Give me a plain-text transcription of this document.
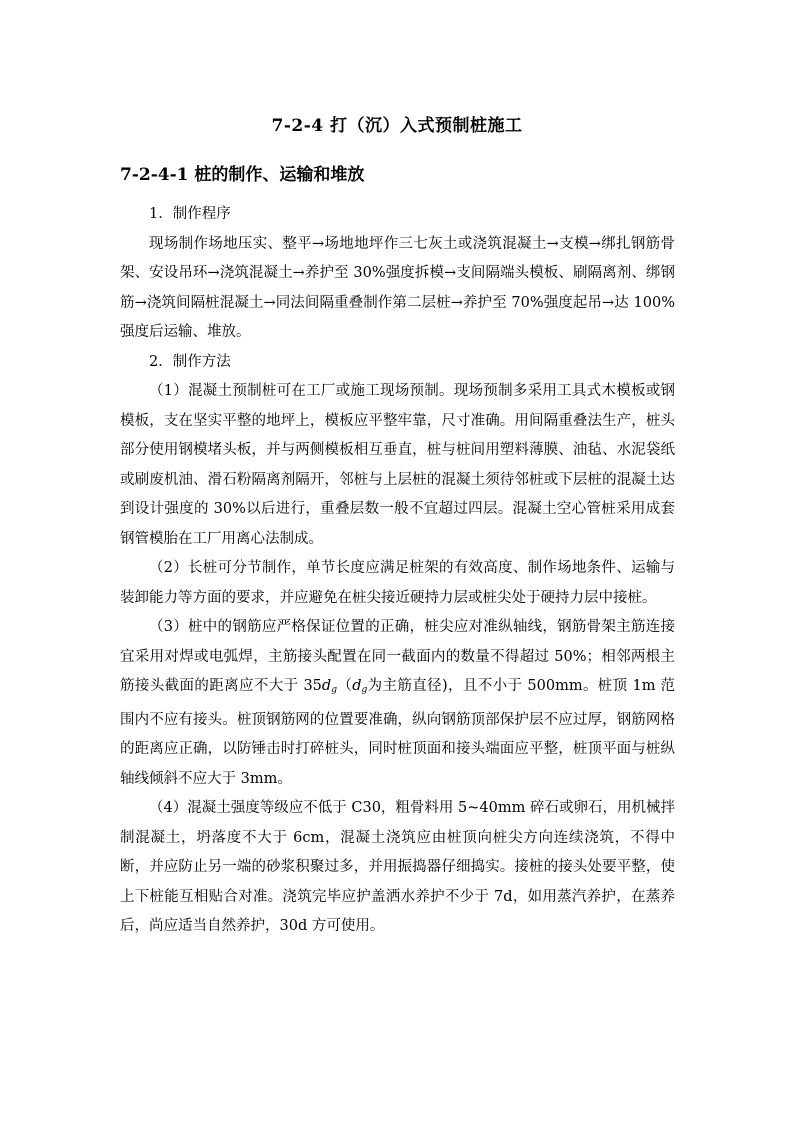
7-2-4 打（沉）入式预制桩施工
7-2-4-1 桩的制作、运输和堆放

1．制作程序

现场制作场地压实、整平→场地地坪作三七灰土或浇筑混凝土→支模→绑扎钢筋骨架、安设吊环→浇筑混凝土→养护至 30%强度拆模→支间隔端头模板、刷隔离剂、绑钢筋→浇筑间隔桩混凝土→同法间隔重叠制作第二层桩→养护至 70%强度起吊→达 100%强度后运输、堆放。

2．制作方法

（1）混凝土预制桩可在工厂或施工现场预制。现场预制多采用工具式木模板或钢模板，支在坚实平整的地坪上，模板应平整牢靠，尺寸准确。用间隔重叠法生产，桩头部分使用钢模堵头板，并与两侧模板相互垂直，桩与桩间用塑料薄膜、油毡、水泥袋纸或刷废机油、滑石粉隔离剂隔开，邻桩与上层桩的混凝土须待邻桩或下层桩的混凝土达到设计强度的 30%以后进行，重叠层数一般不宜超过四层。混凝土空心管桩采用成套钢管模胎在工厂用离心法制成。

（2）长桩可分节制作，单节长度应满足桩架的有效高度、制作场地条件、运输与装卸能力等方面的要求，并应避免在桩尖接近硬持力层或桩尖处于硬持力层中接桩。

（3）桩中的钢筋应严格保证位置的正确，桩尖应对准纵轴线，钢筋骨架主筋连接宜采用对焊或电弧焊，主筋接头配置在同一截面内的数量不得超过 50%；相邻两根主筋接头截面的距离应不大于 $35d_g(d_g$为主筋直径)，且不小于 500mm。桩顶 1m 范围内不应有接头。桩顶钢筋网的位置要准确，纵向钢筋顶部保护层不应过厚，钢筋网格的距离应正确，以防锤击时打碎桩头，同时桩顶面和接头端面应平整，桩顶平面与桩纵轴线倾斜不应大于 3mm。

（4）混凝土强度等级应不低于 C30，粗骨料用 5~40mm 碎石或卵石，用机械拌制混凝土，坍落度不大于 6cm，混凝土浇筑应由桩顶向桩尖方向连续浇筑，不得中断，并应防止另一端的砂浆积聚过多，并用振捣器仔细捣实。接桩的接头处要平整，使上下桩能互相贴合对准。浇筑完毕应护盖洒水养护不少于 7d，如用蒸汽养护，在蒸养后，尚应适当自然养护，30d 方可使用。
